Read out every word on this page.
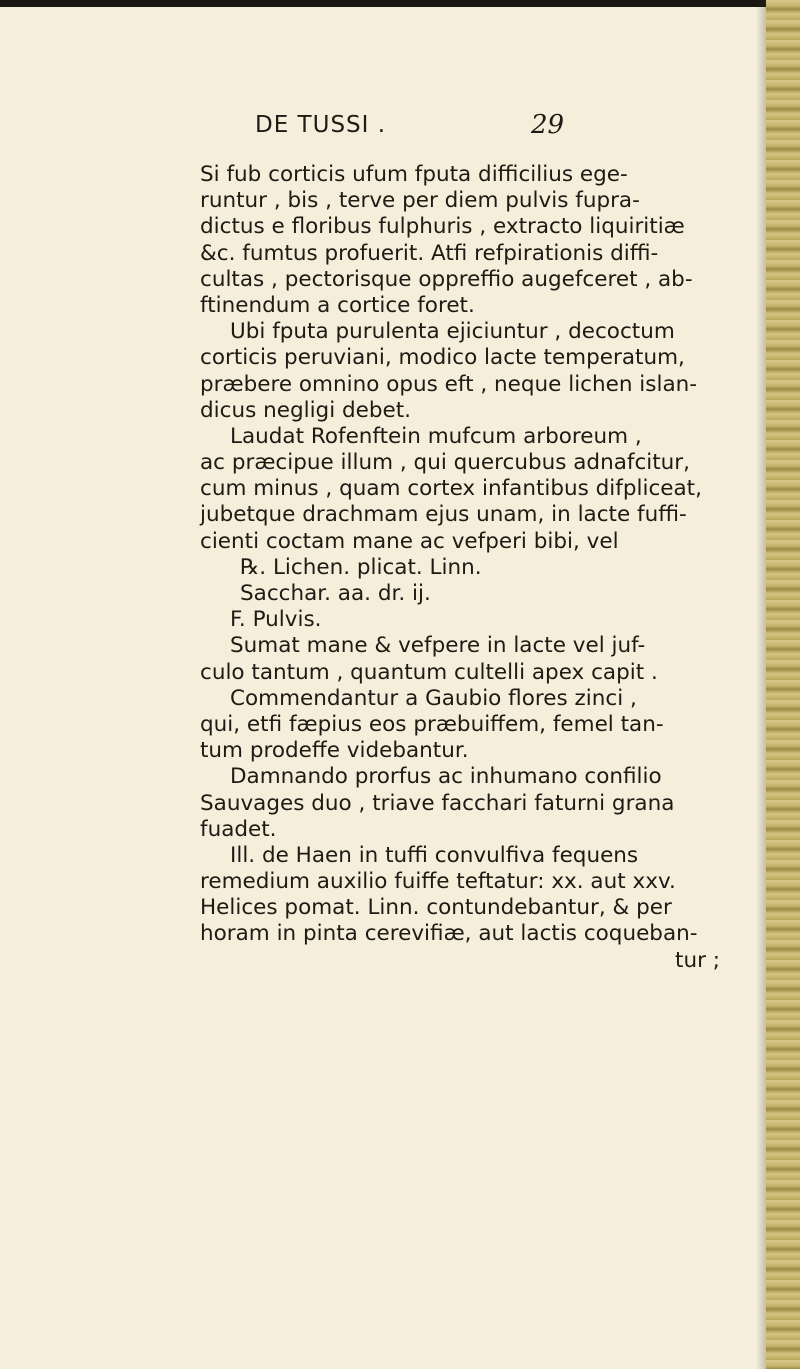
DE TUSSI .	29

Si fub corticis ufum fputa difficilius ege-

runtur , bis , terve per diem pulvis fupra-

dictus e floribus fulphuris , extracto liquiritiæ

&c. fumtus profuerit. Atfi refpirationis diffi-

cultas , pectorisque oppreffio augefceret , ab-

ftinendum a cortice foret.

Ubi fputa purulenta ejiciuntur , decoctum

corticis peruviani, modico lacte temperatum,

præbere omnino opus eft , neque lichen islan-

dicus negligi debet.

Laudat Rofenftein mufcum arboreum ,

ac præcipue illum , qui quercubus adnafcitur,

cum minus , quam cortex infantibus difpliceat,

jubetque drachmam ejus unam, in lacte fuffi-

cienti coctam mane ac vefperi bibi, vel

℞. Lichen. plicat. Linn.

Sacchar. aa. dr. ij.

F. Pulvis.

Sumat mane & vefpere in lacte vel juf-

culo tantum , quantum cultelli apex capit .

Commendantur a Gaubio flores zinci ,

qui, etfi fæpius eos præbuiffem, femel tan-

tum prodeffe videbantur.

Damnando prorfus ac inhumano confilio

Sauvages duo , triave facchari faturni grana

fuadet.

Ill. de Haen in tuffi convulfiva fequens

remedium auxilio fuiffe teftatur: xx. aut xxv.

Helices pomat. Linn. contundebantur, & per

horam in pinta cerevifiæ, aut lactis coqueban-

tur ;
